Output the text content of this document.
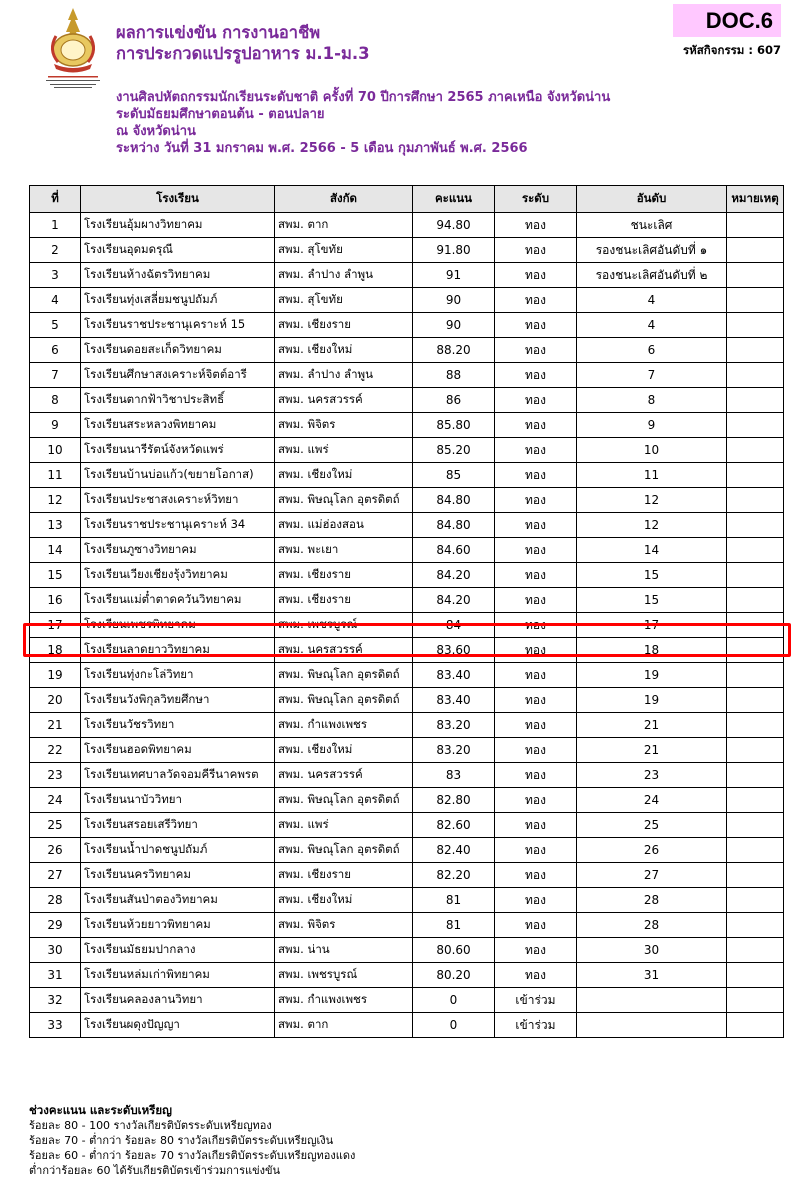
ผลการแข่งขัน การงานอาชีพ
การประกวดแปรรูปอาหาร ม.1-ม.3
DOC.6
รหัสกิจกรรม : 607
งานศิลปหัตถกรรมนักเรียนระดับชาติ ครั้งที่ 70 ปีการศึกษา 2565 ภาคเหนือ จังหวัดน่าน
ระดับมัธยมศึกษาตอนต้น - ตอนปลาย
ณ จังหวัดน่าน
ระหว่าง วันที่ 31 มกราคม พ.ศ. 2566 - 5 เดือน กุมภาพันธ์ พ.ศ. 2566
ที่	โรงเรียน	สังกัด	คะแนน	ระดับ	อันดับ	หมายเหตุ
1	โรงเรียนอุ้มผางวิทยาคม	สพม. ตาก	94.80	ทอง	ชนะเลิศ	
2	โรงเรียนอุดมดรุณี	สพม. สุโขทัย	91.80	ทอง	รองชนะเลิศอันดับที่ ๑	
3	โรงเรียนห้างฉัตรวิทยาคม	สพม. ลำปาง ลำพูน	91	ทอง	รองชนะเลิศอันดับที่ ๒	
4	โรงเรียนทุ่งเสลี่ยมชนูปถัมภ์	สพม. สุโขทัย	90	ทอง	4	
5	โรงเรียนราชประชานุเคราะห์ 15	สพม. เชียงราย	90	ทอง	4	
6	โรงเรียนดอยสะเก็ดวิทยาคม	สพม. เชียงใหม่	88.20	ทอง	6	
7	โรงเรียนศึกษาสงเคราะห์จิตต์อารี	สพม. ลำปาง ลำพูน	88	ทอง	7	
8	โรงเรียนตากฟ้าวิชาประสิทธิ์	สพม. นครสวรรค์	86	ทอง	8	
9	โรงเรียนสระหลวงพิทยาคม	สพม. พิจิตร	85.80	ทอง	9	
10	โรงเรียนนารีรัตน์จังหวัดแพร่	สพม. แพร่	85.20	ทอง	10	
11	โรงเรียนบ้านบ่อแก้ว(ขยายโอกาส)	สพม. เชียงใหม่	85	ทอง	11	
12	โรงเรียนประชาสงเคราะห์วิทยา	สพม. พิษณุโลก อุตรดิตถ์	84.80	ทอง	12	
13	โรงเรียนราชประชานุเคราะห์ 34	สพม. แม่ฮ่องสอน	84.80	ทอง	12	
14	โรงเรียนภูซางวิทยาคม	สพม. พะเยา	84.60	ทอง	14	
15	โรงเรียนเวียงเชียงรุ้งวิทยาคม	สพม. เชียงราย	84.20	ทอง	15	
16	โรงเรียนแม่ต๋ำตาดควันวิทยาคม	สพม. เชียงราย	84.20	ทอง	15	
17	โรงเรียนเพชรพิทยาคม	สพม. เพชรบูรณ์	84	ทอง	17	
18	โรงเรียนลาดยาววิทยาคม	สพม. นครสวรรค์	83.60	ทอง	18	
19	โรงเรียนทุ่งกะโล่วิทยา	สพม. พิษณุโลก อุตรดิตถ์	83.40	ทอง	19	
20	โรงเรียนวังพิกุลวิทยศึกษา	สพม. พิษณุโลก อุตรดิตถ์	83.40	ทอง	19	
21	โรงเรียนวัชรวิทยา	สพม. กำแพงเพชร	83.20	ทอง	21	
22	โรงเรียนฮอดพิทยาคม	สพม. เชียงใหม่	83.20	ทอง	21	
23	โรงเรียนเทศบาลวัดจอมคีรีนาคพรต	สพม. นครสวรรค์	83	ทอง	23	
24	โรงเรียนนาบัววิทยา	สพม. พิษณุโลก อุตรดิตถ์	82.80	ทอง	24	
25	โรงเรียนสรอยเสรีวิทยา	สพม. แพร่	82.60	ทอง	25	
26	โรงเรียนน้ำปาดชนูปถัมภ์	สพม. พิษณุโลก อุตรดิตถ์	82.40	ทอง	26	
27	โรงเรียนนครวิทยาคม	สพม. เชียงราย	82.20	ทอง	27	
28	โรงเรียนสันป่าตองวิทยาคม	สพม. เชียงใหม่	81	ทอง	28	
29	โรงเรียนห้วยยาวพิทยาคม	สพม. พิจิตร	81	ทอง	28	
30	โรงเรียนมัธยมปากลาง	สพม. น่าน	80.60	ทอง	30	
31	โรงเรียนหล่มเก่าพิทยาคม	สพม. เพชรบูรณ์	80.20	ทอง	31	
32	โรงเรียนคลองลานวิทยา	สพม. กำแพงเพชร	0	เข้าร่วม		
33	โรงเรียนผดุงปัญญา	สพม. ตาก	0	เข้าร่วม		
ช่วงคะแนน และระดับเหรียญ
ร้อยละ 80 - 100 รางวัลเกียรติบัตรระดับเหรียญทอง
ร้อยละ 70 - ต่ำกว่า ร้อยละ 80 รางวัลเกียรติบัตรระดับเหรียญเงิน
ร้อยละ 60 - ต่ำกว่า ร้อยละ 70 รางวัลเกียรติบัตรระดับเหรียญทองแดง
ต่ำกว่าร้อยละ 60 ได้รับเกียรติบัตรเข้าร่วมการแข่งขัน
